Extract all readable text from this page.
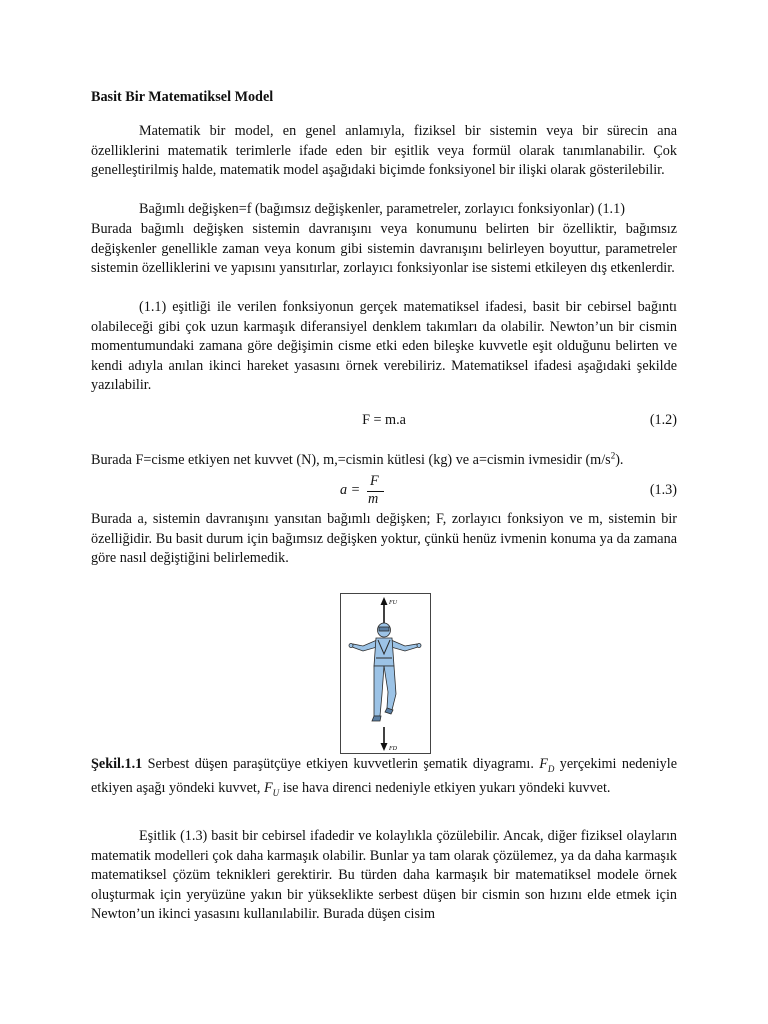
Basit Bir Matematiksel Model
Matematik bir model, en genel anlamıyla, fiziksel bir sistemin veya bir sürecin ana özelliklerini matematik terimlerle ifade eden bir eşitlik veya formül olarak tanımlanabilir. Çok genelleştirilmiş halde, matematik model aşağıdaki biçimde fonksiyonel bir ilişki olarak gösterilebilir.
Bağımlı değişken=f (bağımsız değişkenler, parametreler, zorlayıcı fonksiyonlar) (1.1)
Burada bağımlı değişken sistemin davranışını veya konumunu belirten bir özelliktir, bağımsız değişkenler genellikle zaman veya konum gibi sistemin davranışını belirleyen boyuttur, parametreler sistemin özelliklerini ve yapısını yansıtırlar, zorlayıcı fonksiyonlar ise sistemi etkileyen dış etkenlerdir.
(1.1) eşitliği ile verilen fonksiyonun gerçek matematiksel ifadesi, basit bir cebirsel bağıntı olabileceği gibi çok uzun karmaşık diferansiyel denklem takımları da olabilir. Newton’un bir cismin momentumundaki zamana göre değişimin cisme etki eden bileşke kuvvetle eşit olduğunu belirten ve kendi adıyla anılan ikinci hareket yasasını örnek verebiliriz. Matematiksel ifadesi aşağıdaki şekilde yazılabilir.
F = m.a	(1.2)
Burada F=cisme etkiyen net kuvvet (N), m,=cismin kütlesi (kg) ve a=cismin ivmesidir $(m/s^2)$.
a =
F
m
(1.3)
Burada a, sistemin davranışını yansıtan bağımlı değişken; F, zorlayıcı fonksiyon ve m, sistemin bir özelliğidir. Bu basit durum için bağımsız değişken yoktur, çünkü henüz ivmenin konuma ya da zamana göre nasıl değiştiğini belirlemedik.
FU
FD
Şekil.1.1 Serbest düşen paraşütçüye etkiyen kuvvetlerin şematik diyagramı. $F_D$ yerçekimi nedeniyle etkiyen aşağı yöndeki kuvvet, $F_U$ ise hava direnci nedeniyle etkiyen yukarı yöndeki kuvvet.
Eşitlik (1.3) basit bir cebirsel ifadedir ve kolaylıkla çözülebilir. Ancak, diğer fiziksel olayların matematik modelleri çok daha karmaşık olabilir. Bunlar ya tam olarak çözülemez, ya da daha karmaşık matematiksel çözüm teknikleri gerektirir. Bu türden daha karmaşık bir matematiksel modele örnek oluşturmak için yeryüzüne yakın bir yükseklikte serbest düşen bir cismin son hızını elde etmek için Newton’un ikinci yasasını kullanılabilir. Burada düşen cisim
